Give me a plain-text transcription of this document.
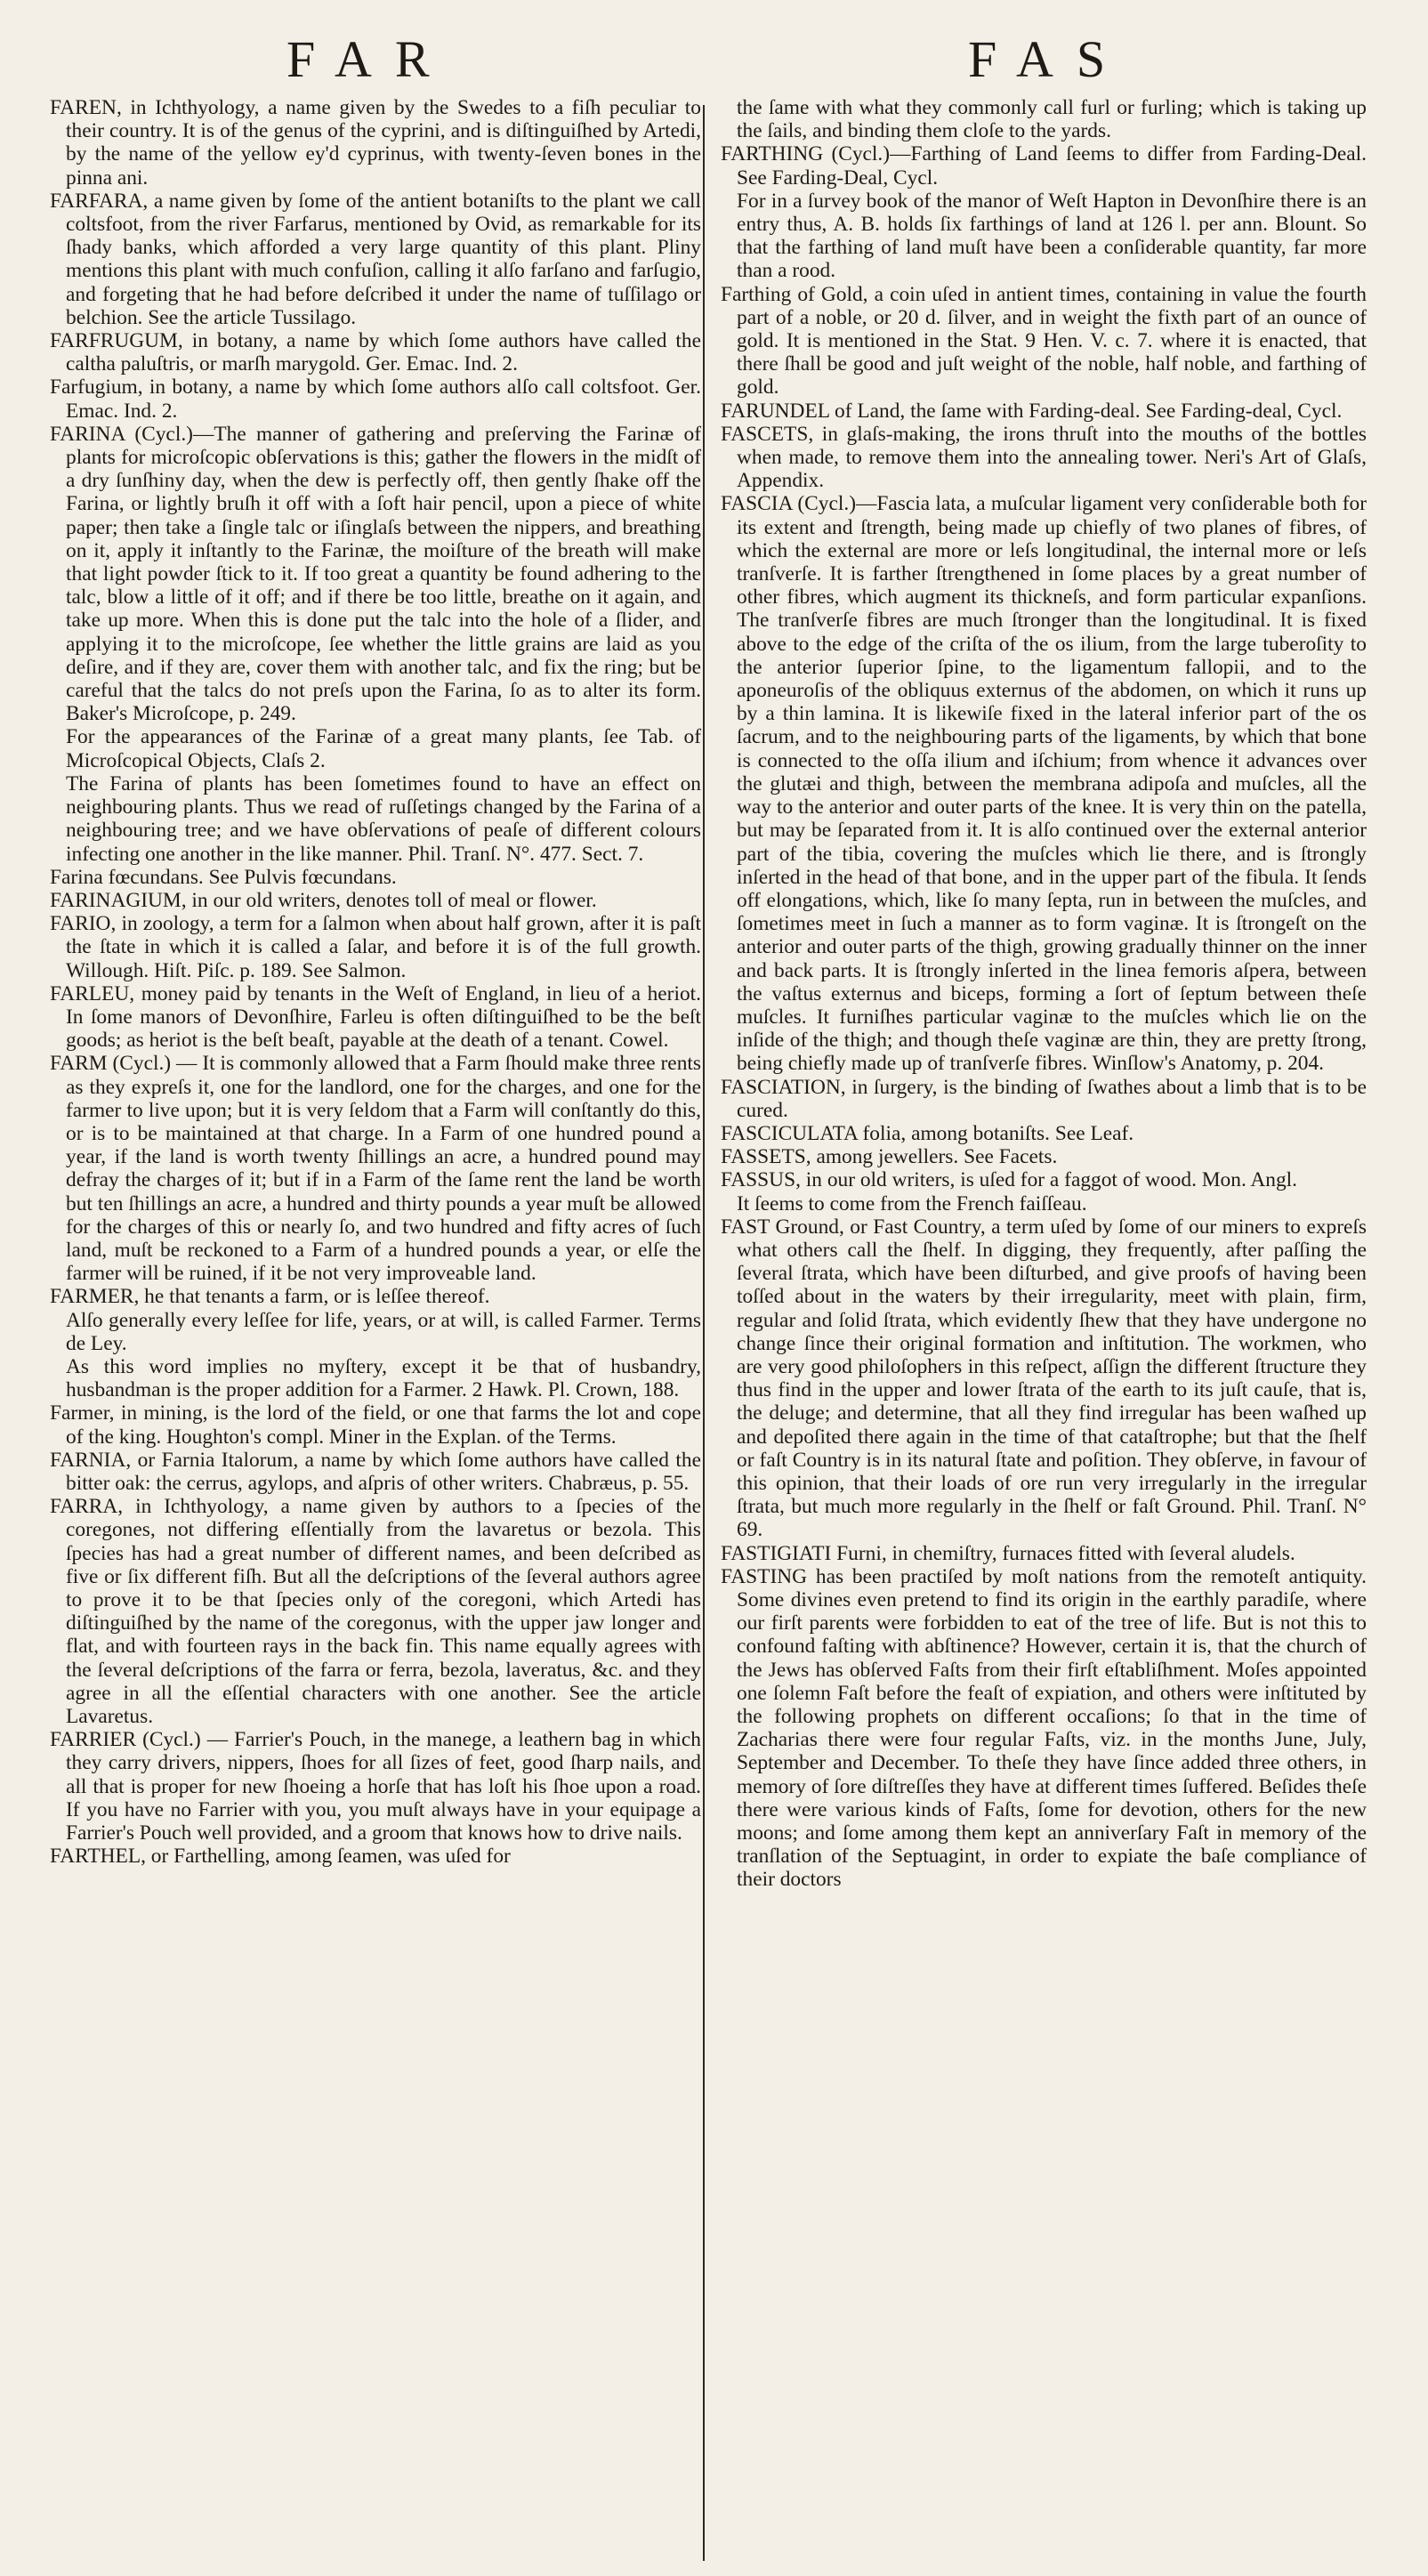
FAR	FAS

FAREN, in Ichthyology, a name given by the Swedes to a fiſh peculiar to their country. It is of the genus of the cyprini, and is diſtinguiſhed by Artedi, by the name of the yellow ey'd cyprinus, with twenty-ſeven bones in the pinna ani.

FARFARA, a name given by ſome of the antient botaniſts to the plant we call coltsfoot, from the river Farfarus, mentioned by Ovid, as remarkable for its ſhady banks, which afforded a very large quantity of this plant. Pliny mentions this plant with much confuſion, calling it alſo farſano and farſugio, and forgeting that he had before deſcribed it under the name of tuſſilago or belchion. See the article Tussilago.

FARFRUGUM, in botany, a name by which ſome authors have called the caltha paluſtris, or marſh marygold. Ger. Emac. Ind. 2.

Farfugium, in botany, a name by which ſome authors alſo call coltsfoot. Ger. Emac. Ind. 2.

FARINA (Cycl.)—The manner of gathering and preſerving the Farinæ of plants for microſcopic obſervations is this; gather the flowers in the midſt of a dry ſunſhiny day, when the dew is perfectly off, then gently ſhake off the Farina, or lightly bruſh it off with a ſoft hair pencil, upon a piece of white paper; then take a ſingle talc or iſinglaſs between the nippers, and breathing on it, apply it inſtantly to the Farinæ, the moiſture of the breath will make that light powder ſtick to it. If too great a quantity be found adhering to the talc, blow a little of it off; and if there be too little, breathe on it again, and take up more. When this is done put the talc into the hole of a ſlider, and applying it to the microſcope, ſee whether the little grains are laid as you deſire, and if they are, cover them with another talc, and fix the ring; but be careful that the talcs do not preſs upon the Farina, ſo as to alter its form. Baker's Microſcope, p. 249.

For the appearances of the Farinæ of a great many plants, ſee Tab. of Microſcopical Objects, Claſs 2.

The Farina of plants has been ſometimes found to have an effect on neighbouring plants. Thus we read of ruſſetings changed by the Farina of a neighbouring tree; and we have obſervations of peaſe of different colours infecting one another in the like manner. Phil. Tranſ. N°. 477. Sect. 7.

Farina fœcundans. See Pulvis fœcundans.

FARINAGIUM, in our old writers, denotes toll of meal or flower.

FARIO, in zoology, a term for a ſalmon when about half grown, after it is paſt the ſtate in which it is called a ſalar, and before it is of the full growth. Willough. Hiſt. Piſc. p. 189. See Salmon.

FARLEU, money paid by tenants in the Weſt of England, in lieu of a heriot. In ſome manors of Devonſhire, Farleu is often diſtinguiſhed to be the beſt goods; as heriot is the beſt beaſt, payable at the death of a tenant. Cowel.

FARM (Cycl.) — It is commonly allowed that a Farm ſhould make three rents as they expreſs it, one for the landlord, one for the charges, and one for the farmer to live upon; but it is very ſeldom that a Farm will conſtantly do this, or is to be maintained at that charge. In a Farm of one hundred pound a year, if the land is worth twenty ſhillings an acre, a hundred pound may defray the charges of it; but if in a Farm of the ſame rent the land be worth but ten ſhillings an acre, a hundred and thirty pounds a year muſt be allowed for the charges of this or nearly ſo, and two hundred and fifty acres of ſuch land, muſt be reckoned to a Farm of a hundred pounds a year, or elſe the farmer will be ruined, if it be not very improveable land.

FARMER, he that tenants a farm, or is leſſee thereof.

Alſo generally every leſſee for life, years, or at will, is called Farmer. Terms de Ley.

As this word implies no myſtery, except it be that of husbandry, husbandman is the proper addition for a Farmer. 2 Hawk. Pl. Crown, 188.

Farmer, in mining, is the lord of the field, or one that farms the lot and cope of the king. Houghton's compl. Miner in the Explan. of the Terms.

FARNIA, or Farnia Italorum, a name by which ſome authors have called the bitter oak: the cerrus, agylops, and aſpris of other writers. Chabræus, p. 55.

FARRA, in Ichthyology, a name given by authors to a ſpecies of the coregones, not differing eſſentially from the lavaretus or bezola. This ſpecies has had a great number of different names, and been deſcribed as five or ſix different fiſh. But all the deſcriptions of the ſeveral authors agree to prove it to be that ſpecies only of the coregoni, which Artedi has diſtinguiſhed by the name of the coregonus, with the upper jaw longer and flat, and with fourteen rays in the back fin. This name equally agrees with the ſeveral deſcriptions of the farra or ferra, bezola, laveratus, &c. and they agree in all the eſſential characters with one another. See the article Lavaretus.

FARRIER (Cycl.) — Farrier's Pouch, in the manege, a leathern bag in which they carry drivers, nippers, ſhoes for all ſizes of feet, good ſharp nails, and all that is proper for new ſhoeing a horſe that has loſt his ſhoe upon a road. If you have no Farrier with you, you muſt always have in your equipage a Farrier's Pouch well provided, and a groom that knows how to drive nails.

FARTHEL, or Farthelling, among ſeamen, was uſed for

the ſame with what they commonly call furl or furling; which is taking up the ſails, and binding them cloſe to the yards.

FARTHING (Cycl.)—Farthing of Land ſeems to differ from Farding-Deal. See Farding-Deal, Cycl.

For in a ſurvey book of the manor of Weſt Hapton in Devonſhire there is an entry thus, A. B. holds ſix farthings of land at 126 l. per ann. Blount. So that the farthing of land muſt have been a conſiderable quantity, far more than a rood.

Farthing of Gold, a coin uſed in antient times, containing in value the fourth part of a noble, or 20 d. ſilver, and in weight the fixth part of an ounce of gold. It is mentioned in the Stat. 9 Hen. V. c. 7. where it is enacted, that there ſhall be good and juſt weight of the noble, half noble, and farthing of gold.

FARUNDEL of Land, the ſame with Farding-deal. See Farding-deal, Cycl.

FASCETS, in glaſs-making, the irons thruſt into the mouths of the bottles when made, to remove them into the annealing tower. Neri's Art of Glaſs, Appendix.

FASCIA (Cycl.)—Fascia lata, a muſcular ligament very conſiderable both for its extent and ſtrength, being made up chiefly of two planes of fibres, of which the external are more or leſs longitudinal, the internal more or leſs tranſverſe. It is farther ſtrengthened in ſome places by a great number of other fibres, which augment its thickneſs, and form particular expanſions. The tranſverſe fibres are much ſtronger than the longitudinal. It is fixed above to the edge of the criſta of the os ilium, from the large tuberoſity to the anterior ſuperior ſpine, to the ligamentum fallopii, and to the aponeuroſis of the obliquus externus of the abdomen, on which it runs up by a thin lamina. It is likewiſe fixed in the lateral inferior part of the os ſacrum, and to the neighbouring parts of the ligaments, by which that bone is connected to the oſſa ilium and iſchium; from whence it advances over the glutæi and thigh, between the membrana adipoſa and muſcles, all the way to the anterior and outer parts of the knee. It is very thin on the patella, but may be ſeparated from it. It is alſo continued over the external anterior part of the tibia, covering the muſcles which lie there, and is ſtrongly inſerted in the head of that bone, and in the upper part of the fibula. It ſends off elongations, which, like ſo many ſepta, run in between the muſcles, and ſometimes meet in ſuch a manner as to form vaginæ. It is ſtrongeſt on the anterior and outer parts of the thigh, growing gradually thinner on the inner and back parts. It is ſtrongly inſerted in the linea femoris aſpera, between the vaſtus externus and biceps, forming a ſort of ſeptum between theſe muſcles. It furniſhes particular vaginæ to the muſcles which lie on the inſide of the thigh; and though theſe vaginæ are thin, they are pretty ſtrong, being chiefly made up of tranſverſe fibres. Winſlow's Anatomy, p. 204.

FASCIATION, in ſurgery, is the binding of ſwathes about a limb that is to be cured.

FASCICULATA folia, among botaniſts. See Leaf.

FASSETS, among jewellers. See Facets.

FASSUS, in our old writers, is uſed for a faggot of wood. Mon. Angl.

It ſeems to come from the French faiſſeau.

FAST Ground, or Fast Country, a term uſed by ſome of our miners to expreſs what others call the ſhelf. In digging, they frequently, after paſſing the ſeveral ſtrata, which have been diſturbed, and give proofs of having been toſſed about in the waters by their irregularity, meet with plain, firm, regular and ſolid ſtrata, which evidently ſhew that they have undergone no change ſince their original formation and inſtitution. The workmen, who are very good philoſophers in this reſpect, aſſign the different ſtructure they thus find in the upper and lower ſtrata of the earth to its juſt cauſe, that is, the deluge; and determine, that all they find irregular has been waſhed up and depoſited there again in the time of that cataſtrophe; but that the ſhelf or faſt Country is in its natural ſtate and poſition. They obſerve, in favour of this opinion, that their loads of ore run very irregularly in the irregular ſtrata, but much more regularly in the ſhelf or faſt Ground. Phil. Tranſ. N° 69.

FASTIGIATI Furni, in chemiſtry, furnaces fitted with ſeveral aludels.

FASTING has been practiſed by moſt nations from the remoteſt antiquity. Some divines even pretend to find its origin in the earthly paradiſe, where our firſt parents were forbidden to eat of the tree of life. But is not this to confound faſting with abſtinence? However, certain it is, that the church of the Jews has obſerved Faſts from their firſt eſtabliſhment. Moſes appointed one ſolemn Faſt before the feaſt of expiation, and others were inſtituted by the following prophets on different occaſions; ſo that in the time of Zacharias there were four regular Faſts, viz. in the months June, July, September and December. To theſe they have ſince added three others, in memory of ſore diſtreſſes they have at different times ſuffered. Beſides theſe there were various kinds of Faſts, ſome for devotion, others for the new moons; and ſome among them kept an anniverſary Faſt in memory of the tranſlation of the Septuagint, in order to expiate the baſe compliance of their doctors
